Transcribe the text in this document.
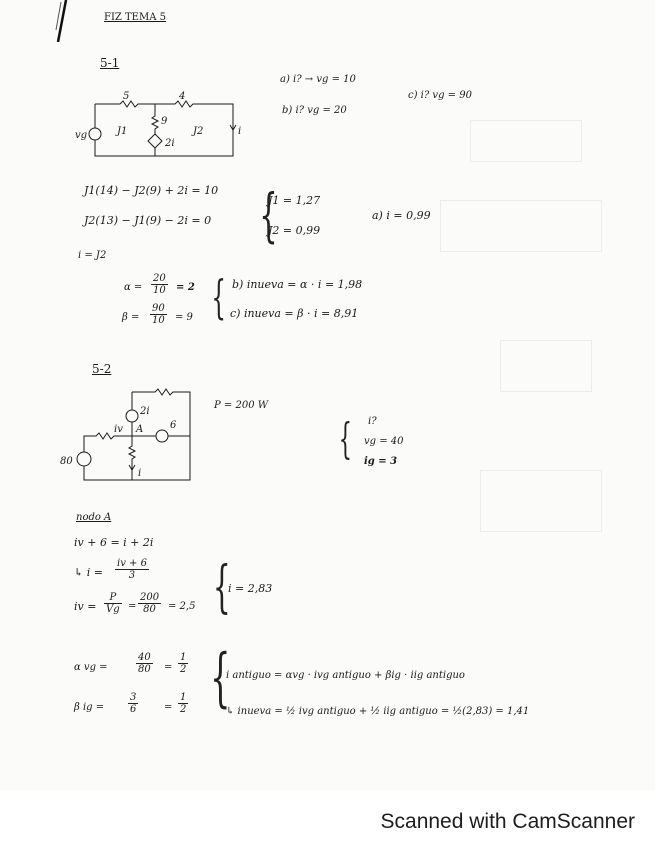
FIZ TEMA 5
5-1
a) i? → vg = 10
b) i? vg = 20
c) i? vg = 90
5	4
9
vg	J1	J2
2i
i
J1(14) − J2(9) + 2i = 10
J2(13) − J1(9) − 2i = 0
i = J2
{
J1 = 1,27
J2 = 0,99
a) i = 0,99
$\alpha = \frac{20}{10} = 2$
$\beta = \frac{90}{10} = 9$ { b) inueva = α · i = 1,98
c) inueva = β · i = 8,91
5-2
2i
A	6
80
iv
i
P = 200 W
{ i?
vg = 40
ig = 3
nodo A
iv + 6 = i + 2i
↳ $i = \frac{iv + 6}{3}$
iv = $\frac{P}{Vg} = \frac{200}{80} = 2,5$ {
i = 2,83
α vg =	$\frac{40}{80} = \frac{1}{2}$
β ig = $\frac{3}{6}$	= $\frac{1}{2}$ {
i antiguo = αvg · ivg antiguo + βig · iig antiguo
↳ inueva = ½ ivg antiguo + ½ iig antiguo = ½(2,83) = 1,41
Scanned with CamScanner
